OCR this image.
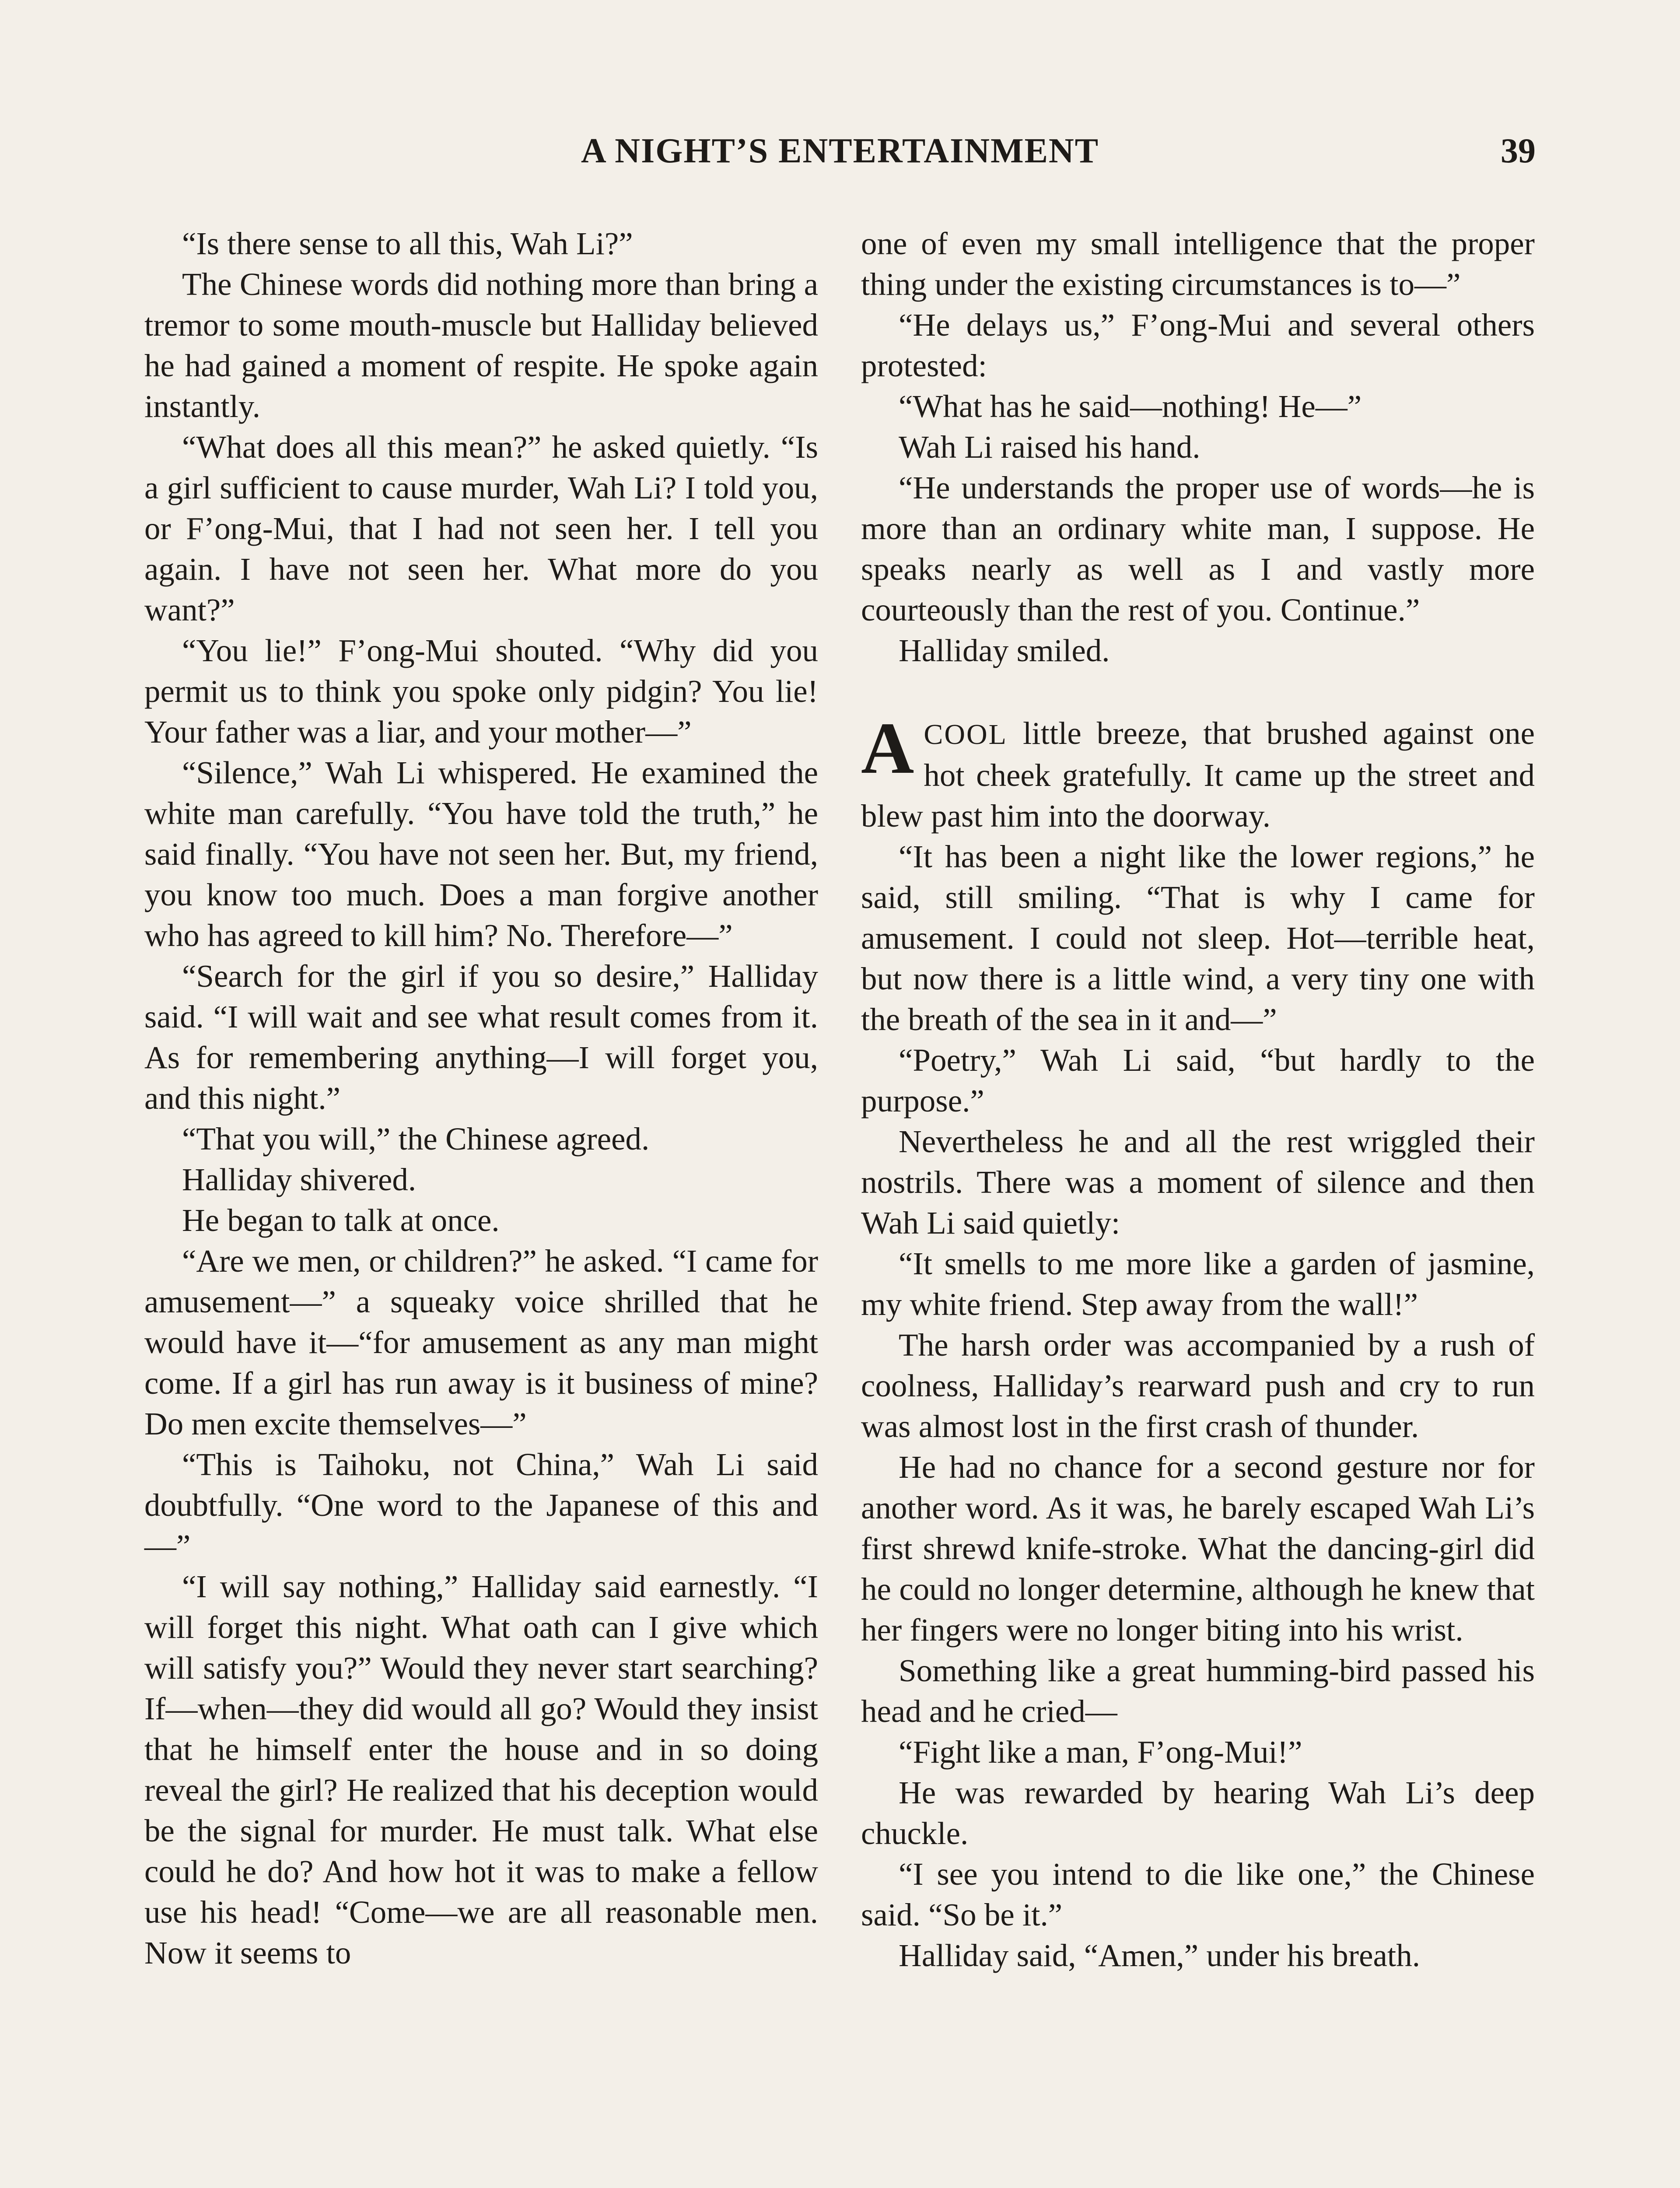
A NIGHT’S ENTERTAINMENT	39

“Is there sense to all this, Wah Li?”

The Chinese words did nothing more than bring a tremor to some mouth-muscle but Halliday believed he had gained a moment of respite. He spoke again instantly.

“What does all this mean?” he asked quietly. “Is a girl sufficient to cause murder, Wah Li? I told you, or F’ong-Mui, that I had not seen her. I tell you again. I have not seen her. What more do you want?”

“You lie!” F’ong-Mui shouted. “Why did you permit us to think you spoke only pidgin? You lie! Your father was a liar, and your mother—”

“Silence,” Wah Li whispered. He examined the white man carefully. “You have told the truth,” he said finally. “You have not seen her. But, my friend, you know too much. Does a man forgive another who has agreed to kill him? No. Therefore—”

“Search for the girl if you so desire,” Halliday said. “I will wait and see what result comes from it. As for remembering anything—I will forget you, and this night.”

“That you will,” the Chinese agreed.

Halliday shivered.

He began to talk at once.

“Are we men, or children?” he asked. “I came for amusement—” a squeaky voice shrilled that he would have it—“for amusement as any man might come. If a girl has run away is it business of mine? Do men excite themselves—”

“This is Taihoku, not China,” Wah Li said doubtfully. “One word to the Japanese of this and —”

“I will say nothing,” Halliday said earnestly. “I will forget this night. What oath can I give which will satisfy you?” Would they never start searching? If—when—they did would all go? Would they insist that he himself enter the house and in so doing reveal the girl? He realized that his deception would be the signal for murder. He must talk. What else could he do? And how hot it was to make a fellow use his head! “Come—we are all reasonable men. Now it seems to

one of even my small intelligence that the proper thing under the existing circumstances is to—”

“He delays us,” F’ong-Mui and several others protested:

“What has he said—nothing! He—”

Wah Li raised his hand.

“He understands the proper use of words—he is more than an ordinary white man, I suppose. He speaks nearly as well as I and vastly more courteously than the rest of you. Continue.”

Halliday smiled.

ACOOL little breeze, that brushed against one hot cheek gratefully. It came up the street and blew past him into the doorway.

“It has been a night like the lower regions,” he said, still smiling. “That is why I came for amusement. I could not sleep. Hot—terrible heat, but now there is a little wind, a very tiny one with the breath of the sea in it and—”

“Poetry,” Wah Li said, “but hardly to the purpose.”

Nevertheless he and all the rest wriggled their nostrils. There was a moment of silence and then Wah Li said quietly:

“It smells to me more like a garden of jasmine, my white friend. Step away from the wall!”

The harsh order was accompanied by a rush of coolness, Halliday’s rearward push and cry to run was almost lost in the first crash of thunder.

He had no chance for a second gesture nor for another word. As it was, he barely escaped Wah Li’s first shrewd knife-stroke. What the dancing-girl did he could no longer determine, although he knew that her fingers were no longer biting into his wrist.

Something like a great humming-bird passed his head and he cried—

“Fight like a man, F’ong-Mui!”

He was rewarded by hearing Wah Li’s deep chuckle.

“I see you intend to die like one,” the Chinese said. “So be it.”

Halliday said, “Amen,” under his breath.
